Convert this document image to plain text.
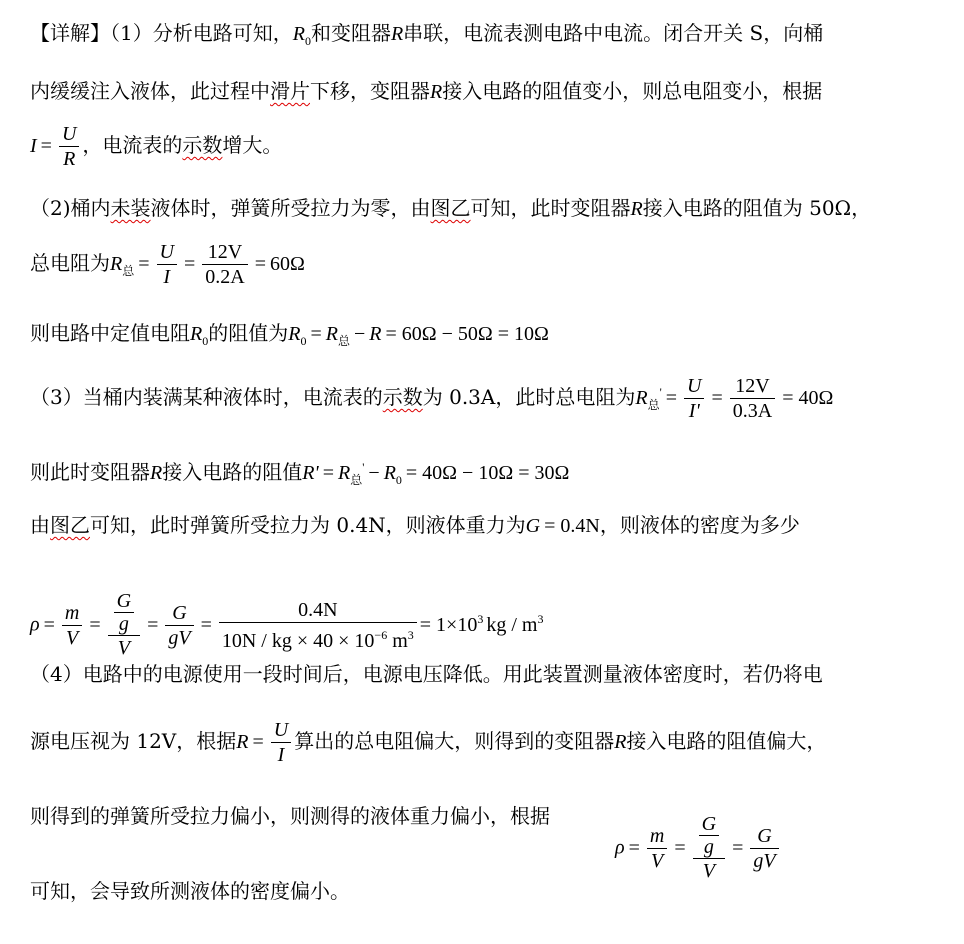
【详解】（1）分析电路可知，$R_0$和变阻器R串联，电流表测电路中电流。闭合开关 S，向桶
内缓缓注入液体，此过程中滑片下移，变阻器R接入电路的阻值变小，则总电阻变小，根据
$I = \frac{U}{R}$ ，电流表的示数增大。
（2)桶内未装液体时，弹簧所受拉力为零，由图乙可知，此时变阻器R接入电路的阻值为 50Ω，
总电阻为$R_总 = \frac{U}{I} = \frac{12V}{0.2A} = 60\Omega$
则电路中定值电阻$R_0$的阻值为$R_0 = R_总 - R = 60\Omega - 50\Omega = 10\Omega$
（3）当桶内装满某种液体时，电流表的示数为 0.3A，此时总电阻为$R_总' = \frac{U}{I'} = \frac{12V}{0.3A} = 40\Omega$
则此时变阻器R接入电路的阻值$R' = R_总' - R_0 = 40\Omega - 10\Omega = 30\Omega$
由图乙可知，此时弹簧所受拉力为 0.4N，则液体重力为G = 0.4N，则液体的密度为多少
$\rho = \frac{m}{V} = \frac{\frac{G}{g}}{V} = \frac{G}{gV} = \frac{0.4N}{10N / kg \times 40 \times 10^{-6} m^3} = 1\times 10^3$ kg / $m^3$
（4）电路中的电源使用一段时间后，电源电压降低。用此装置测量液体密度时，若仍将电
源电压视为 12V，根据$R = \frac{U}{I}$ 算出的总电阻偏大，则得到的变阻器R接入电路的阻值偏大，
则得到的弹簧所受拉力偏小，则测得的液体重力偏小，根据
$\rho = \frac{m}{V} = \frac{\frac{G}{g}}{V} = \frac{G}{gV}$
可知，会导致所测液体的密度偏小。
